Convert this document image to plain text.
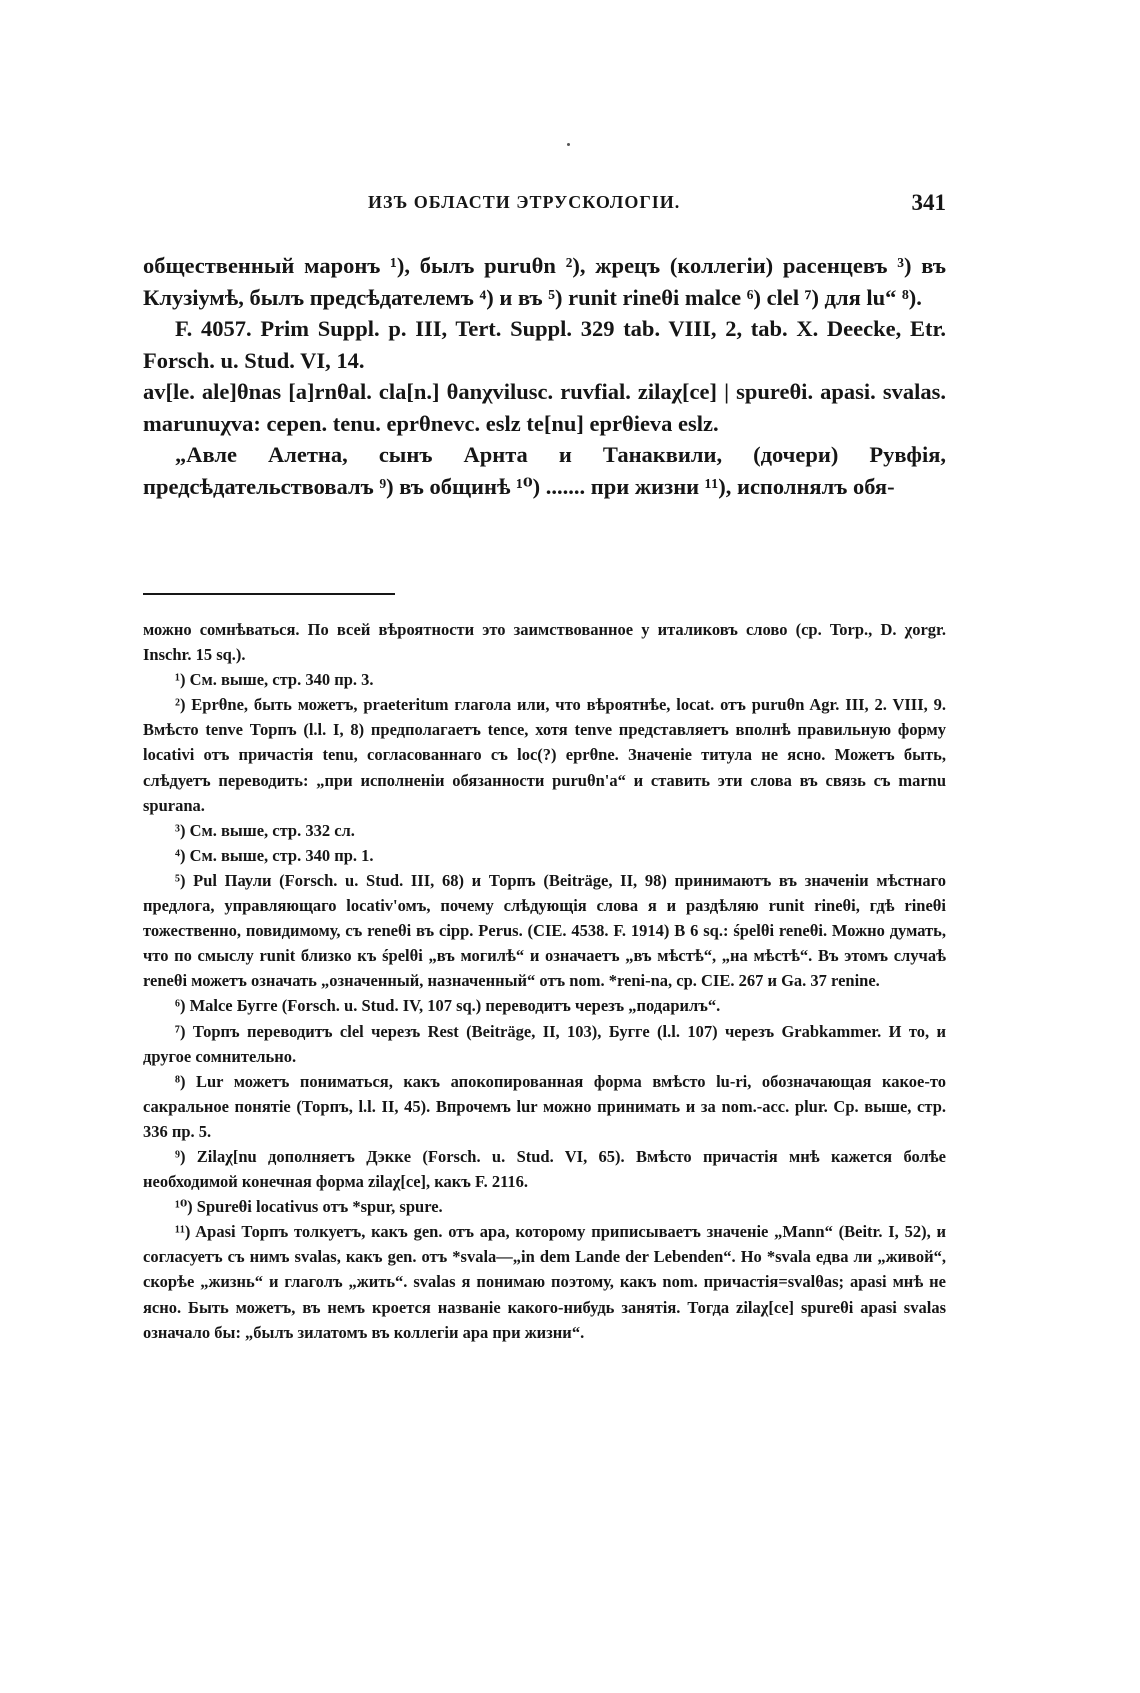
ИЗЪ ОБЛАСТИ ЭТРУСКОЛОГІИ.	341

общественный маронъ ¹), былъ puruθn ²), жрецъ (коллегіи) расенцевъ ³) въ Клузіумѣ, былъ предсѣдателемъ ⁴) и въ ⁵) runit rineθi malce ⁶) clel ⁷) для lu“ ⁸).

F. 4057. Prim Suppl. p. III, Tert. Suppl. 329 tab. VIII, 2, tab. X. Deecke, Etr. Forsch. u. Stud. VI, 14.

av[le. ale]θnas [a]rnθal. cla[n.] θanχvilusc. ruvfial. zilaχ[ce] | spureθi. apasi. svalas. marunuχva: cepen. tenu. eprθnevc. eslz te[nu] eprθieva eslz.

„Авле Алетна, сынъ Арнта и Танаквили, (дочери) Рувфія, предсѣдательствовалъ ⁹) въ общинѣ ¹⁰) ....... при жизни ¹¹), исполнялъ обя-

можно сомнѣваться. По всей вѣроятности это заимствованное у италиковъ слово (ср. Torp., D. χorgr. Inschr. 15 sq.).

¹) См. выше, стр. 340 пр. 3.

²) Eprθne, быть можетъ, praeteritum глагола или, что вѣроятнѣе, locat. отъ puruθn Agr. III, 2. VIII, 9. Вмѣсто tenve Торпъ (l.l. I, 8) предполагаетъ tence, хотя tenve представляетъ вполнѣ правильную форму locativi отъ причастія tenu, согласованнаго съ loc(?) eprθne. Значеніе титула не ясно. Можетъ быть, слѣдуетъ переводить: „при исполненіи обязанности puruθn'a“ и ставить эти слова въ связь съ marnu spurana.

³) См. выше, стр. 332 сл.

⁴) См. выше, стр. 340 пр. 1.

⁵) Pul Паули (Forsch. u. Stud. III, 68) и Торпъ (Beiträge, II, 98) принимаютъ въ значеніи мѣстнаго предлога, управляющаго locativ'омъ, почему слѣдующія слова я и раздѣляю runit rineθi, гдѣ rineθi тожественно, повидимому, съ reneθi въ cipp. Perus. (CIE. 4538. F. 1914) B 6 sq.: śpelθi reneθi. Можно думать, что по смыслу runit близко къ śpelθi „въ могилѣ“ и означаетъ „въ мѣстѣ“, „на мѣстѣ“. Въ этомъ случаѣ reneθi можетъ означать „означенный, назначенный“ отъ nom. *reni-na, ср. CIE. 267 и Ga. 37 renine.

⁶) Malce Бугге (Forsch. u. Stud. IV, 107 sq.) переводитъ черезъ „подарилъ“.

⁷) Торпъ переводитъ clel черезъ Rest (Beiträge, II, 103), Бугге (l.l. 107) черезъ Grabkammer. И то, и другое сомнительно.

⁸) Lur можетъ пониматься, какъ апокопированная форма вмѣсто lu-ri, обозначающая какое-то сакральное понятіе (Торпъ, l.l. II, 45). Впрочемъ lur можно принимать и за nom.-acc. plur. Ср. выше, стр. 336 пр. 5.

⁹) Zilaχ[nu дополняетъ Дэккe (Forsch. u. Stud. VI, 65). Вмѣсто причастія мнѣ кажется болѣе необходимой конечная форма zilaχ[ce], какъ F. 2116.

¹⁰) Spureθi locativus отъ *spur, spure.

¹¹) Apasi Торпъ толкуетъ, какъ gen. отъ apa, которому приписываетъ значеніе „Mann“ (Beitr. I, 52), и согласуетъ съ нимъ svalas, какъ gen. отъ *svala—„in dem Lande der Lebenden“. Но *svala едва ли „живой“, скорѣе „жизнь“ и глаголъ „жить“. svalas я понимаю поэтому, какъ nom. причастія=svalθas; apasi мнѣ не ясно. Быть можетъ, въ немъ кроется названіе какого-нибудь занятія. Тогда zilaχ[ce] spureθi apasi svalas означало бы: „былъ зилатомъ въ коллегіи apa при жизни“.
